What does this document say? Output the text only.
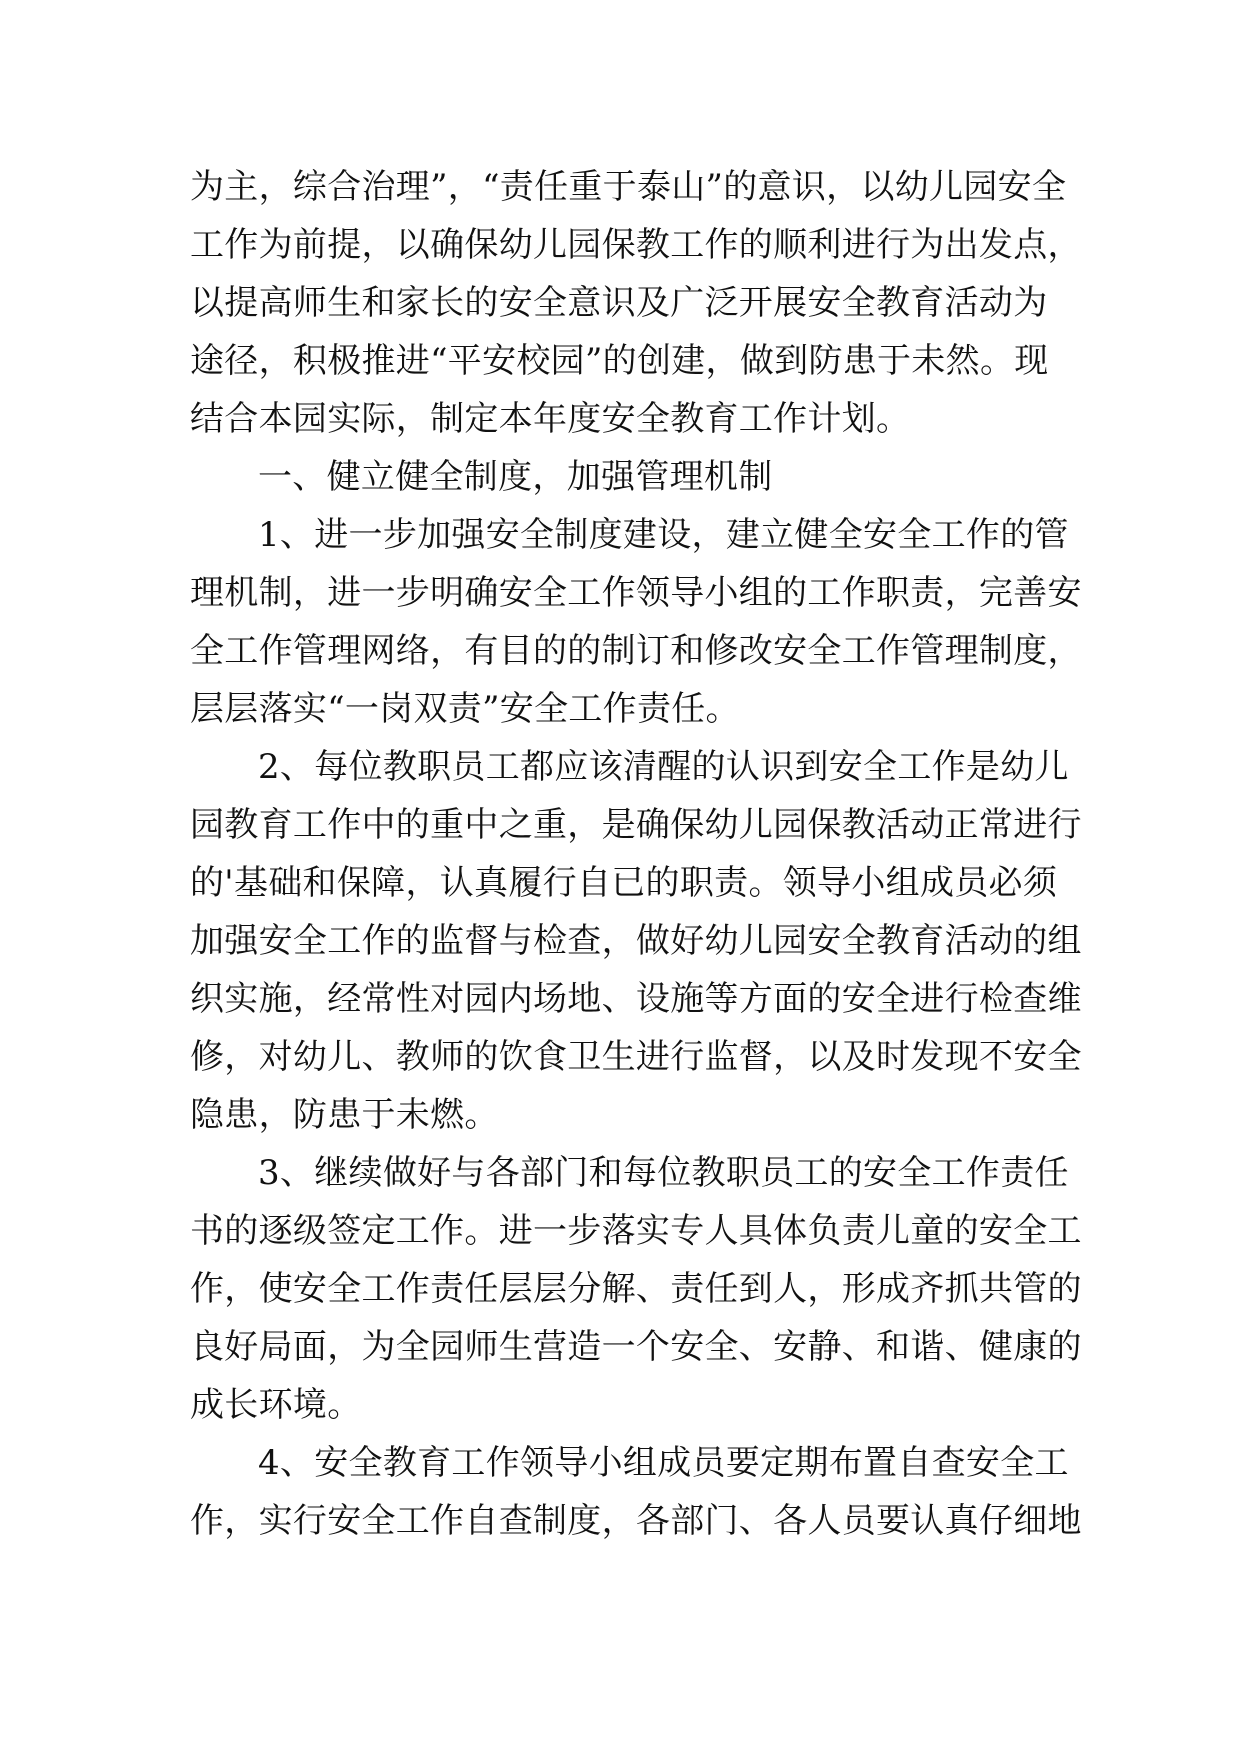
为主，综合治理”，“责任重于泰山”的意识，以幼儿园安全
工作为前提，以确保幼儿园保教工作的顺利进行为出发点，
以提高师生和家长的安全意识及广泛开展安全教育活动为
途径，积极推进“平安校园”的创建，做到防患于未然。现
结合本园实际，制定本年度安全教育工作计划。
一、健立健全制度，加强管理机制
1、进一步加强安全制度建设，建立健全安全工作的管
理机制，进一步明确安全工作领导小组的工作职责，完善安
全工作管理网络，有目的的制订和修改安全工作管理制度，
层层落实“一岗双责”安全工作责任。
2、每位教职员工都应该清醒的认识到安全工作是幼儿
园教育工作中的重中之重，是确保幼儿园保教活动正常进行
的'基础和保障，认真履行自已的职责。领导小组成员必须
加强安全工作的监督与检查，做好幼儿园安全教育活动的组
织实施，经常性对园内场地、设施等方面的安全进行检查维
修，对幼儿、教师的饮食卫生进行监督，以及时发现不安全
隐患，防患于未燃。
3、继续做好与各部门和每位教职员工的安全工作责任
书的逐级签定工作。进一步落实专人具体负责儿童的安全工
作，使安全工作责任层层分解、责任到人，形成齐抓共管的
良好局面，为全园师生营造一个安全、安静、和谐、健康的
成长环境。
4、安全教育工作领导小组成员要定期布置自查安全工
作，实行安全工作自查制度，各部门、各人员要认真仔细地
